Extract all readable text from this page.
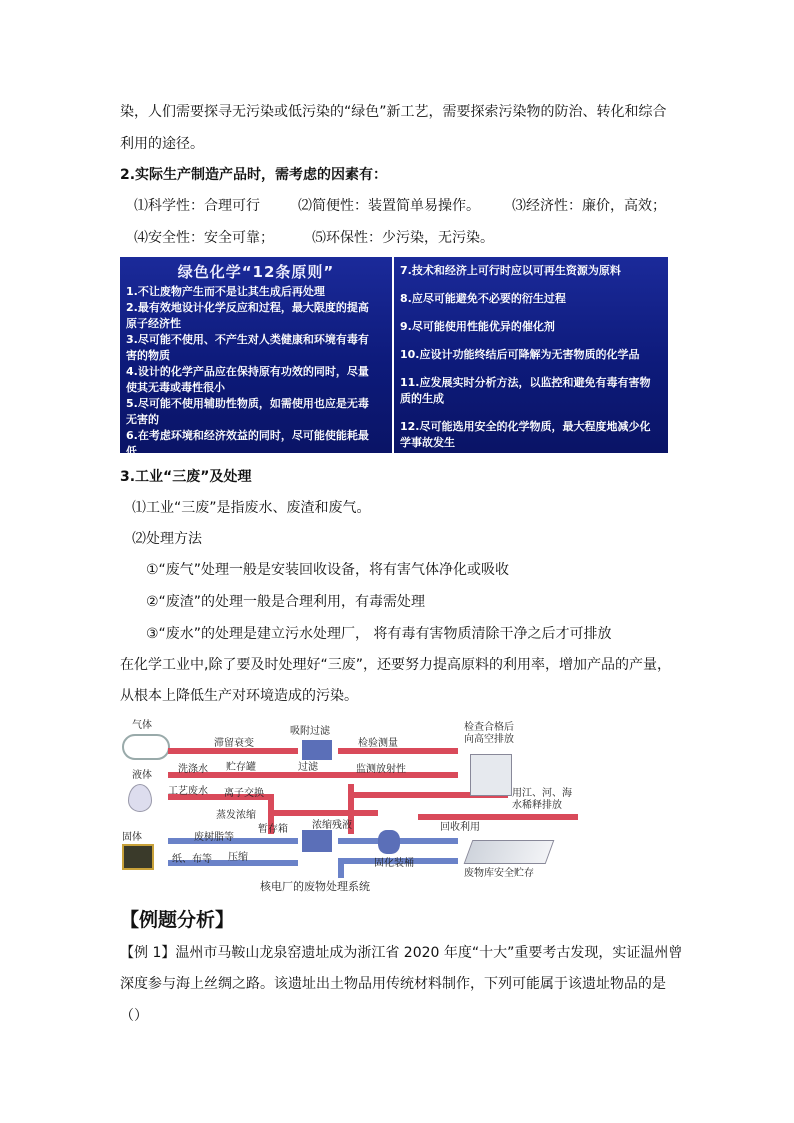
染，人们需要探寻无污染或低污染的“绿色”新工艺，需要探索污染物的防治、转化和综合
利用的途径。
2.实际生产制造产品时，需考虑的因素有：
⑴科学性：合理可行	⑵简便性：装置简单易操作。 ⑶经济性：廉价，高效；
⑷安全性：安全可靠；	⑸环保性：少污染，无污染。
绿色化学“12条原则”
1.不让废物产生而不是让其生成后再处理
2.最有效地设计化学反应和过程，最大限度的提高
原子经济性
3.尽可能不使用、不产生对人类健康和环境有毒有
害的物质
4.设计的化学产品应在保持原有功效的同时，尽量
使其无毒或毒性很小
5.尽可能不使用辅助性物质，如需使用也应是无毒
无害的
6.在考虑环境和经济效益的同时，尽可能使能耗最
低
7.技术和经济上可行时应以可再生资源为原料
8.应尽可能避免不必要的衍生过程
9.尽可能使用性能优异的催化剂
10.应设计功能终结后可降解为无害物质的化学品
11.应发展实时分析方法，以监控和避免有毒有害物
质的生成
12.尽可能选用安全的化学物质，最大程度地减少化
学事故发生
3.工业“三废”及处理
⑴工业“三废”是指废水、废渣和废气。
⑵处理方法
①“废气”处理一般是安装回收设备，将有害气体净化或吸收
②“废渣”的处理一般是合理利用，有毒需处理
③“废水”的处理是建立污水处理厂， 将有毒有害物质清除干净之后才可排放
在化学工业中,除了要及时处理好“三废”，还要努力提高原料的利用率，增加产品的产量，
从根本上降低生产对环境造成的污染。
气体
液体
固体
滞留衰变
吸附过滤
检验测量
检查合格后
向高空排放
洗涤水 贮存罐	过滤	监测放射性
工艺废水 离子交换
蒸发浓缩
用江、河、海
水稀释排放
回收利用
废树脂等
暂存箱 浓缩残液
纸、布等 压缩
固化装桶
废物库安全贮存
核电厂的废物处理系统
【例题分析】
【例 1】温州市马鞍山龙泉窑遗址成为浙江省 2020 年度“十大”重要考古发现，实证温州曾
深度参与海上丝绸之路。该遗址出土物品用传统材料制作，下列可能属于该遗址物品的是
（）
